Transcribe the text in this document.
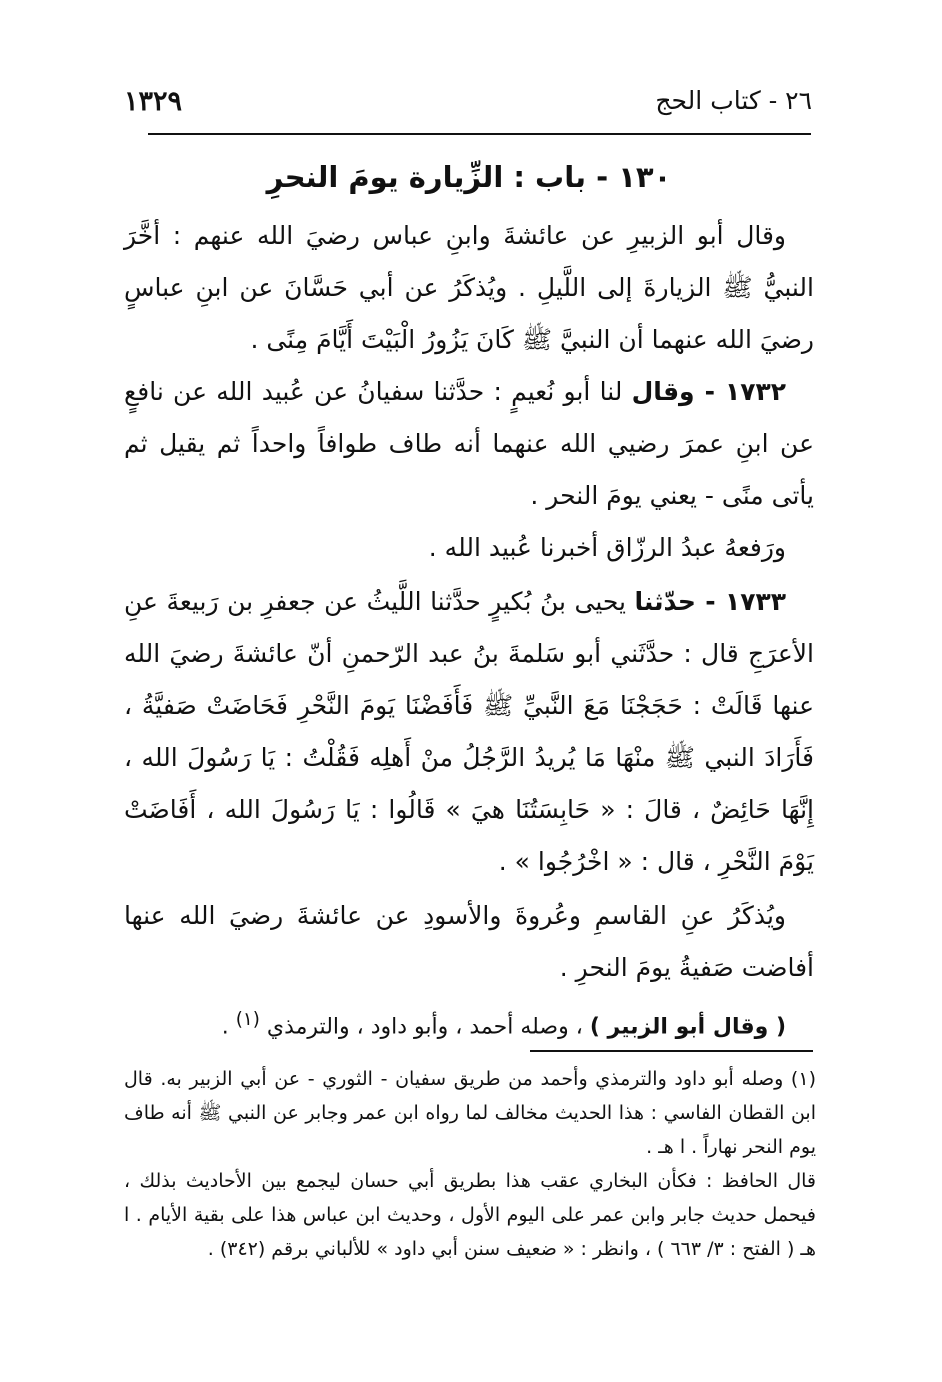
٢٦ - كتاب الحج
١٣٢٩
١٣٠ - باب : الزِّيارة يومَ النحرِ

وقال أبو الزبيرِ عن عائشةَ وابنِ عباس رضيَ الله عنهم : أخَّرَ النبيُّ ﷺ الزيارةَ إلى اللَّيلِ . ويُذكَرُ عن أبي حَسَّانَ عن ابنِ عباسٍ رضيَ الله عنهما أن النبيَّ ﷺ كَانَ يَزُورُ الْبَيْتَ أَيَّامَ مِنًى .

١٧٣٢ - وقال لنا أبو نُعيمٍ : حدَّثنا سفيانُ عن عُبيد الله عن نافعٍ عن ابنِ عمرَ رضيي الله عنهما أنه طاف طوافاً واحداً ثم يقيل ثم يأتى منًى - يعني يومَ النحر .

ورَفعهُ عبدُ الرزّاق أخبرنا عُبيد الله .

١٧٣٣ - حدّثنا يحيى بنُ بُكيرٍ حدَّثنا اللَّيثُ عن جعفرِ بن رَبيعةَ عنِ الأعرَجِ قال : حدَّثَني أبو سَلمةَ بنُ عبد الرّحمنِ أنّ عائشةَ رضيَ الله عنها قَالَتْ : حَجَجْنَا مَعَ النَّبيِّ ﷺ فَأَفَضْنَا يَومَ النَّحْرِ فَحَاضَتْ صَفيَّةُ ، فَأَرَادَ النبي ﷺ منْهَا مَا يُريدُ الرَّجُلُ منْ أَهلِه فَقُلْتُ : يَا رَسُولَ الله ، إِنَّهَا حَائِضٌ ، قالَ : « حَابِسَتُنَا هيَ » قَالُوا : يَا رَسُولَ الله ، أَفَاضَتْ يَوْمَ النَّحْرِ ، قال : « اخْرُجُوا » .

ويُذكَرُ عنِ القاسمِ وعُروةَ والأسودِ عن عائشةَ رضيَ الله عنها أفاضت صَفيةُ يومَ النحرِ .

( وقال أبو الزبير ) ، وصله أحمد ، وأبو داود ، والترمذي $^{(١)}$ .

(١) وصله أبو داود والترمذي وأحمد من طريق سفيان - الثوري - عن أبي الزبير به. قال ابن القطان الفاسي : هذا الحديث مخالف لما رواه ابن عمر وجابر عن النبي ﷺ أنه طاف يوم النحر نهاراً . ا هـ .

قال الحافظ : فكأن البخاري عقب هذا بطريق أبي حسان ليجمع بين الأحاديث بذلك ، فيحمل حديث جابر وابن عمر على اليوم الأول ، وحديث ابن عباس هذا على بقية الأيام . ا هـ ( الفتح : ٣/ ٦٦٣ ) ، وانظر : « ضعيف سنن أبي داود » للألباني برقم (٣٤٢) .
